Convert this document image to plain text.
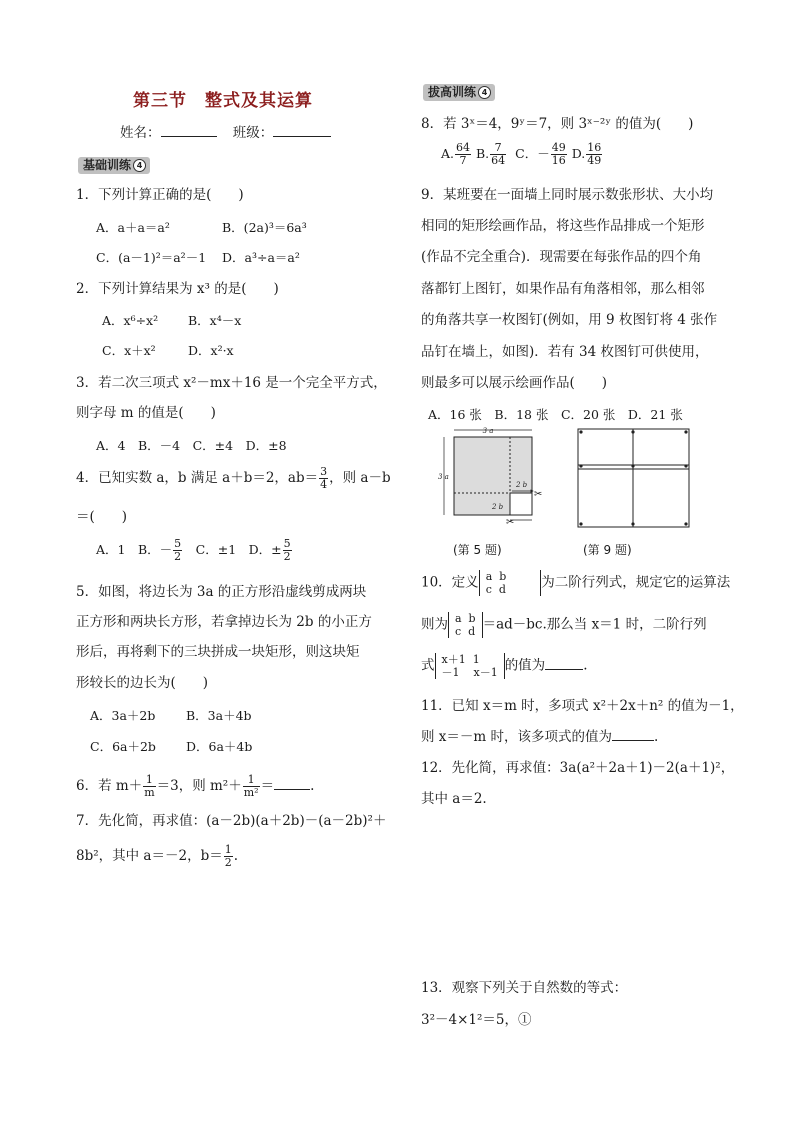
第三节　整式及其运算
姓名：	班级：
基础训练 4
拔高训练 4
1．下列计算正确的是(　　)
A．a＋a＝a²	B．(2a)³＝6a³
C．(a－1)²＝a²－1 D．a³÷a＝a²
2．下列计算结果为 x³ 的是(　　)
A．x⁶÷x² B．x⁴－x
C．x＋x²	D．x²·x
3．若二次三项式 x²－mx＋16 是一个完全平方式，
则字母 m 的值是(　　)
A．4　B．－4　C．±4　D．±8
4．已知实数 a，b 满足 a＋b＝2，$ab= \frac{3}{4}$ ，则 a－b
＝(　　)
A．1　B．－ $\frac{5}{2}$ 　C．±1　D．± $\frac{5}{2}$
5．如图，将边长为 3a 的正方形沿虚线剪成两块
正方形和两块长方形，若拿掉边长为 2b 的小正方
形后，再将剩下的三块拼成一块矩形，则这块矩
形较长的边长为(　　)
A．3a＋2b B．3a＋4b
C．6a＋2b D．6a＋4b
6．若 $m+ \frac{1}{m} =3$，则 $m^2+ \frac{1}{\text{m²}}$ ＝	.
7．先化简，再求值：(a－2b)(a＋2b)－(a－2b)²＋
8b²，其中 a＝－2，$b= \frac{1}{2}$ .
8．若 3ˣ＝4，9ʸ＝7，则 3ˣ⁻²ʸ 的值为(　　)
A. $\frac{64}{7} B$. $\frac{7}{64}$ C．－ $\frac{49}{16} D$. $\frac{16}{49}$
9．某班要在一面墙上同时展示数张形状、大小均
相同的矩形绘画作品，将这些作品排成一个矩形
(作品不完全重合)．现需要在每张作品的四个角
落都钉上图钉，如果作品有角落相邻，那么相邻
的角落共享一枚图钉(例如，用 9 枚图钉将 4 张作
品钉在墙上，如图)．若有 34 枚图钉可供使用，
则最多可以展示绘画作品(　　)
A．16 张　B．18 张　C．20 张　D．21 张
3 a
3 a
2 b
2 b
✂
✂
(第 5 题)	(第 9 题)
10．定义 a  b
c  d	为二阶行列式，规定它的运算法
则为 a  b
c  d ＝ad－bc.那么当 x＝1 时，二阶行列
式 x＋1  1
－1    x－1 的值为	.
11．已知 x＝m 时，多项式 x²＋2x＋n² 的值为－1，
则 x＝－m 时，该多项式的值为	.
12．先化简，再求值：3a(a²＋2a＋1)－2(a＋1)²，
其中 a＝2.
13．观察下列关于自然数的等式：
3²－4×1²＝5，①
